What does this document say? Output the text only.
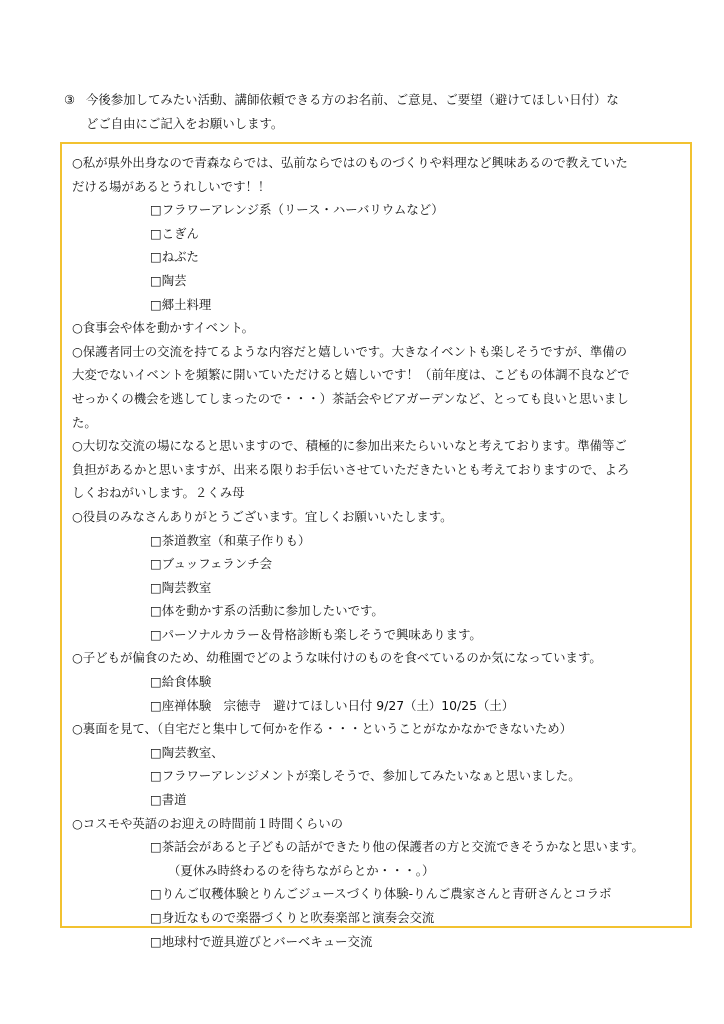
③ 今後参加してみたい活動、講師依頼できる方のお名前、ご意見、ご要望（避けてほしい日付）な
どご自由にご記入をお願いします。
○私が県外出身なので青森ならでは、弘前ならではのものづくりや料理など興味あるので教えていた
だける場があるとうれしいです！！
□フラワーアレンジ系（リース・ハーバリウムなど）
□こぎん
□ねぶた
□陶芸
□郷土料理
○食事会や体を動かすイベント。
○保護者同士の交流を持てるような内容だと嬉しいです。大きなイベントも楽しそうですが、準備の
大変でないイベントを頻繁に開いていただけると嬉しいです！（前年度は、こどもの体調不良などで
せっかくの機会を逃してしまったので・・・）茶話会やビアガーデンなど、とっても良いと思いまし
た。
○大切な交流の場になると思いますので、積極的に参加出来たらいいなと考えております。準備等ご
負担があるかと思いますが、出来る限りお手伝いさせていただきたいとも考えておりますので、よろ
しくおねがいします。２くみ母
○役員のみなさんありがとうございます。宜しくお願いいたします。
□茶道教室（和菓子作りも）
□ブュッフェランチ会
□陶芸教室
□体を動かす系の活動に参加したいです。
□パーソナルカラー＆骨格診断も楽しそうで興味あります。
○子どもが偏食のため、幼稚園でどのような味付けのものを食べているのか気になっています。
□給食体験
□座禅体験　宗徳寺　避けてほしい日付 9/27（土）10/25（土）
○裏面を見て、（自宅だと集中して何かを作る・・・ということがなかなかできないため）
□陶芸教室、
□フラワーアレンジメントが楽しそうで、参加してみたいなぁと思いました。
□書道
○コスモや英語のお迎えの時間前１時間くらいの
□茶話会があると子どもの話ができたり他の保護者の方と交流できそうかなと思います。
（夏休み時終わるのを待ちながらとか・・・。）
□りんご収穫体験とりんごジュースづくり体験-りんご農家さんと青研さんとコラボ
□身近なもので楽器づくりと吹奏楽部と演奏会交流
□地球村で遊具遊びとバーベキュー交流
